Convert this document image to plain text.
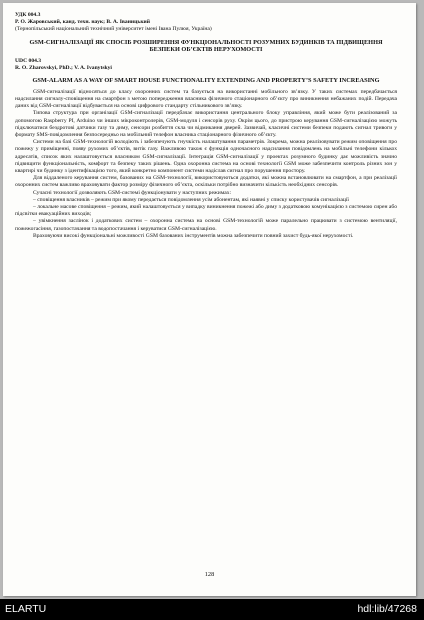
УДК 004.3
Р. О. Жаровський, канд. техн. наук; В. А. Іваницький
(Тернопільський національний технічний університет імені Івана Пулюя, Україна)
GSM-СИГНАЛІЗАЦІЇ ЯК СПОСІБ РОЗШИРЕННЯ ФУНКЦІОНАЛЬНОСТІ РОЗУМНИХ БУДИНКІВ ТА ПІДВИЩЕННЯ БЕЗПЕКИ ОБ’ЄКТІВ НЕРУХОМОСТІ
UDC 004.3
R. O. Zharovskyi, PhD.; V. A. Ivanytskyi
GSM-ALARM AS A WAY OF SMART HOUSE FUNCTIONALITY EXTENDING AND PROPERTY’S SAFETY INCREASING

GSM-сигналізації відносяться до класу охоронних систем та базується на використанні мобільного зв’язку. У таких системах передбачається надсилання сигналу-сповіщення на смартфон з метою попередження власника фізичного стаціонарного об’єкту про виникнення небажаних подій. Передача даних від GSM-сигналізації відбувається на основі цифрового стандарту стільникового зв’язку.

Типова структура при організації GSM-сигналізації передбачає використання центрального блоку управління, який може бути реалізований за допомогою Raspberry PI, Arduino чи інших мікроконтролерів, GSM-модуля і сенсорів руху. Окрім цього, до пристрою керування GSM-сигналізацією можуть підключатися бездротові датчики газу та диму, сенсори розбиття скла чи відмикання дверей. Зазвичай, класичні системи безпеки подають сигнал тривоги у формату SMS-повідомлення безпосередньо на мобільний телефон власника стаціонарного фізичного об’єкту.

Системи на базі GSM-технологій володіють і забезпечують гнучкість налаштування параметрів. Зокрема, можна реалізовувати режим оповіщення про пожежу у приміщенні, появу рухомих об’єктів, витік газу. Важливою також є функція одночасного надсилання повідомлень на мобільні телефони кількох адресатів, список яких налаштовується власником GSM-сигналізації. Інтеграція GSM-сигналізації у проектах розумного будинку дає можливість значно підвищити функціональність, комфорт та безпеку таких рішень. Одна охоронна система на основі технології GSM може забезпечити контроль різних зон у квартирі чи будинку з ідентифікацією того, який конкретно компонент системи надіслав сигнал про порушення простору.

Для віддаленого керування систем, базованих на GSM-технології, використовуються додатки, які можна встановлювати на смартфон, а при реалізації охоронних систем важливо враховувати фактор розміру фізичного об’єкта, оскільки потрібно визначити кількість необхідних сенсорів.

Сучасні технології дозволяють GSM-системі функціонувати у наступних режимах:

– сповіщення власників – режим при якому передається повідомлення усім абонентам, які наявні у списку користувачів сигналізації

– локальне масове сповіщення – режим, який налаштовується у випадку виникнення пожежі або диму з додатковою комунікацією з системою сирен або підсвітки евакуаційних виходів;

– увімкнення заслінок і додаткових систем – охоронна система на основі GSM-технологій може паралельно працювати з системою вентиляції, пожежогасіння, газопостачання та водопостачання і керуватися GSM-сигналізацією.

Враховуючи високі функціональні можливості GSM базованих інструментів можна забезпечити повний захист будь-якої нерухомості.

128
ELARTU	hdl:lib/47268
